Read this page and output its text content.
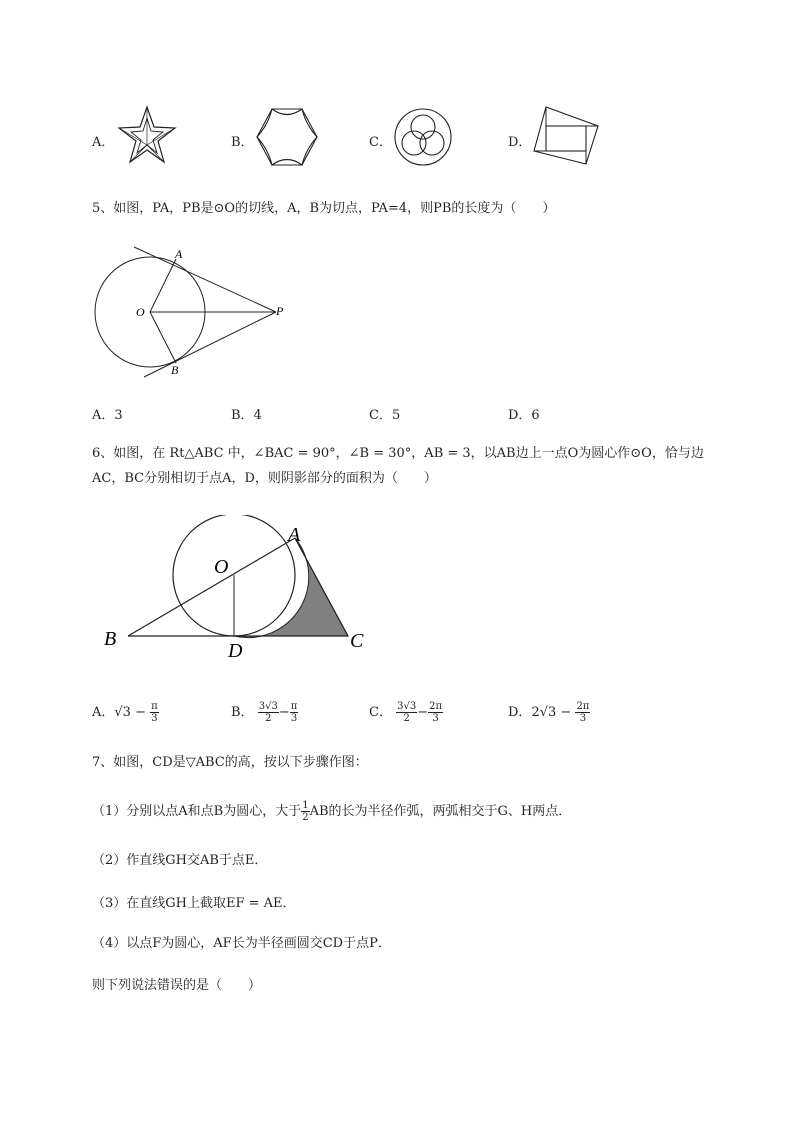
A．	B．	C．	D．
5、如图，PA，PB是⊙O的切线，A，B为切点，PA=4，则PB的长度为（　　）
A
B
O	P
A．3	B．4	C．5	D．6
6、如图，在 Rt△ABC 中，∠BAC = 90°，∠B = 30°，AB = 3，以AB边上一点O为圆心作⊙O，恰与边
AC，BC分别相切于点A，D，则阴影部分的面积为（　　）
A
B	C
D
O
A．$√3 - \frac{\pi}{3}$	B． $\frac{3√3}{2} - \frac{\pi}{3}$	C． $\frac{3√3}{2} - \frac{2\pi}{3}$	D．$2√3 - \frac{2\pi}{3}$
7、如图，CD是▽ABC的高，按以下步骤作图：
（1）分别以点A和点B为圆心，大于 $\frac{1}{2}$ AB的长为半径作弧，两弧相交于G、H两点．
（2）作直线GH交AB于点E．
（3）在直线GH上截取EF = AE．
（4）以点F为圆心，AF长为半径画圆交CD于点P．
则下列说法错误的是（　　）
